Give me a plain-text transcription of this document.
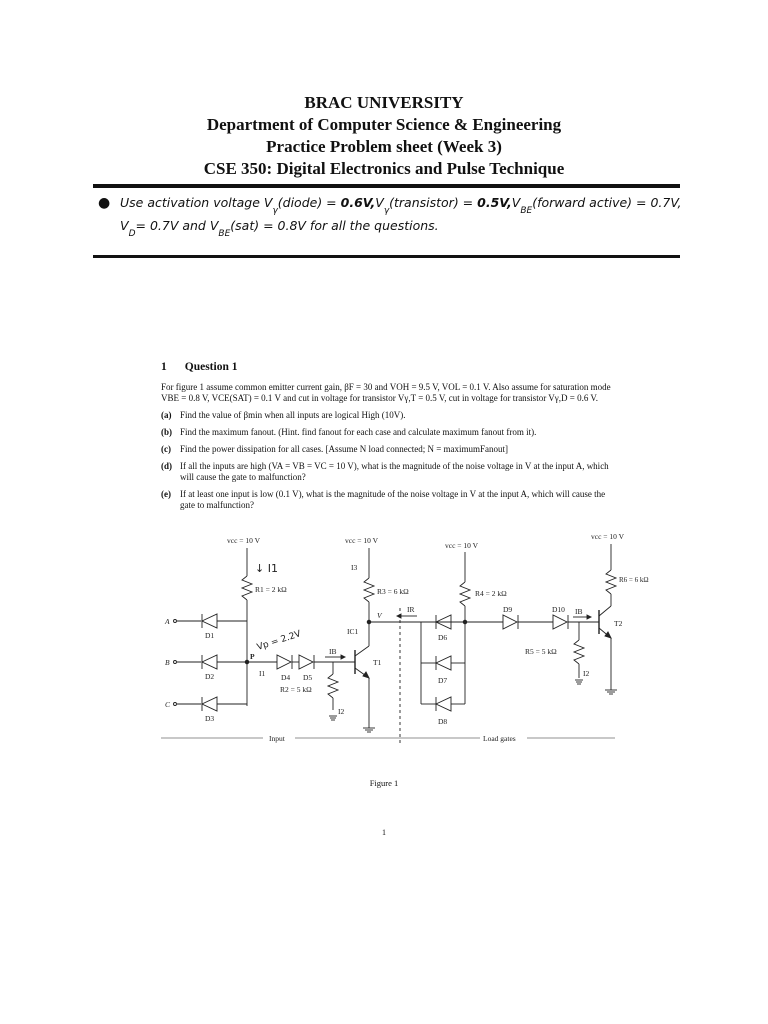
BRAC UNIVERSITY
Department of Computer Science & Engineering
Practice Problem sheet (Week 3)
CSE 350: Digital Electronics and Pulse Technique
● Use activation voltage $V_\gamma(diode)$ = $0.6V,V_\gamma(transistor)$ = $0.5V,V_{BE}(forward$ active) = 0.7V,
$V_D= 0.7V$ and $V_{BE}(sat) = 0.8V$ for all the questions.
1 Question 1

For figure 1 assume common emitter current gain, βF = 30 and VOH = 9.5 V, VOL = 0.1 V. Also assume for saturation mode VBE = 0.8 V, VCE(SAT) = 0.1 V and cut in voltage for transistor Vγ,T = 0.5 V, cut in voltage for transistor Vγ,D = 0.6 V.

(a) Find the value of βmin when all inputs are logical High (10V).
(b) Find the maximum fanout. (Hint. find fanout for each case and calculate maximum fanout from it).
(c) Find the power dissipation for all cases. [Assume N load connected; N = maximumFanout]
(d) If all the inputs are high (VA = VB = VC = 10 V), what is the magnitude of the noise voltage in V at the input A, which will cause the gate to malfunction?
(e) If at least one input is low (0.1 V), what is the magnitude of the noise voltage in V at the input A, which will cause the gate to malfunction?
vcc = 10 V
R1 = 2 kΩ
↓ I1
A
D1
B
D2
C
D3
P
Vp = 2.2V
I1 D4 D5
IB
R2 = 5 kΩ
I2
T1
vcc = 10 V
I3
R3 = 6 kΩ
IC1
V
IR
D6
D7
D8
vcc = 10 V
R4 = 2 kΩ
D9	D10 IB
R5 = 5 kΩ
I2
T2
vcc = 10 V
R6 = 6 kΩ
Input	Load gates
Figure 1
1
